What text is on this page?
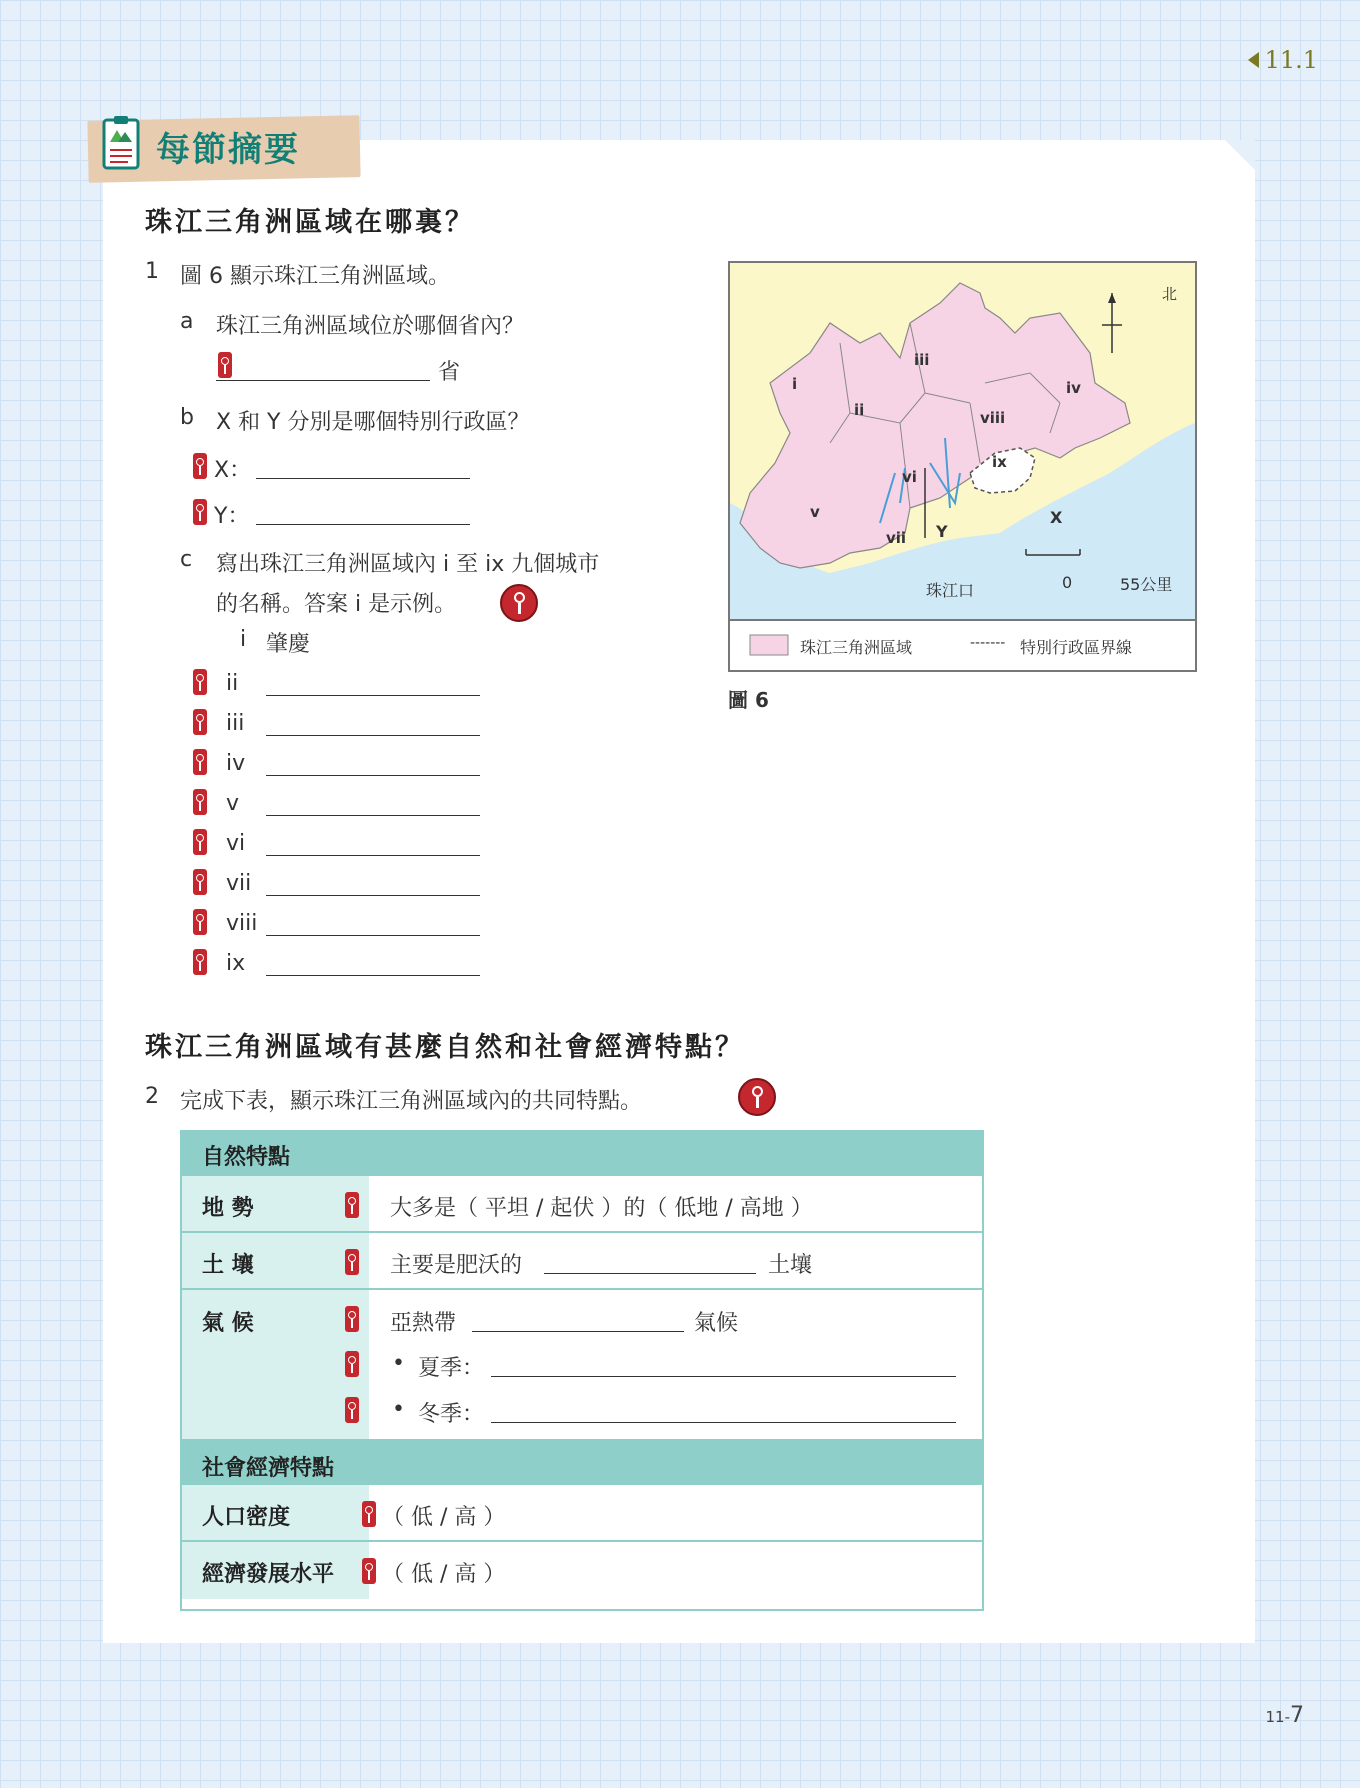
11.1
每節摘要
珠江三角洲區域在哪裏？
1 圖 6 顯示珠江三角洲區域。
a 珠江三角洲區域位於哪個省內？
省
b X 和 Y 分別是哪個特別行政區？
X：
Y：
c 寫出珠江三角洲區域內 i 至 ix 九個城市
的名稱。答案 i 是示例。
i 肇慶
ii
iii
iv
v
vi
vii
viii
ix
北
i
ii
iii
iv
v
vi
vii
viii
ix
X
Y
珠江口	0	55公里
珠江三角洲區域	------- 特別行政區界線
圖 6
珠江三角洲區域有甚麼自然和社會經濟特點？
2 完成下表，顯示珠江三角洲區域內的共同特點。
自然特點
地 勢	大多是（ 平坦 / 起伏 ）的（ 低地 / 高地 ）
土 壤	主要是肥沃的	土壤
氣 候	亞熱帶	氣候
• 夏季：
• 冬季：
社會經濟特點
人口密度	（ 低 / 高 ）
經濟發展水平 （ 低 / 高 ）
11-7
